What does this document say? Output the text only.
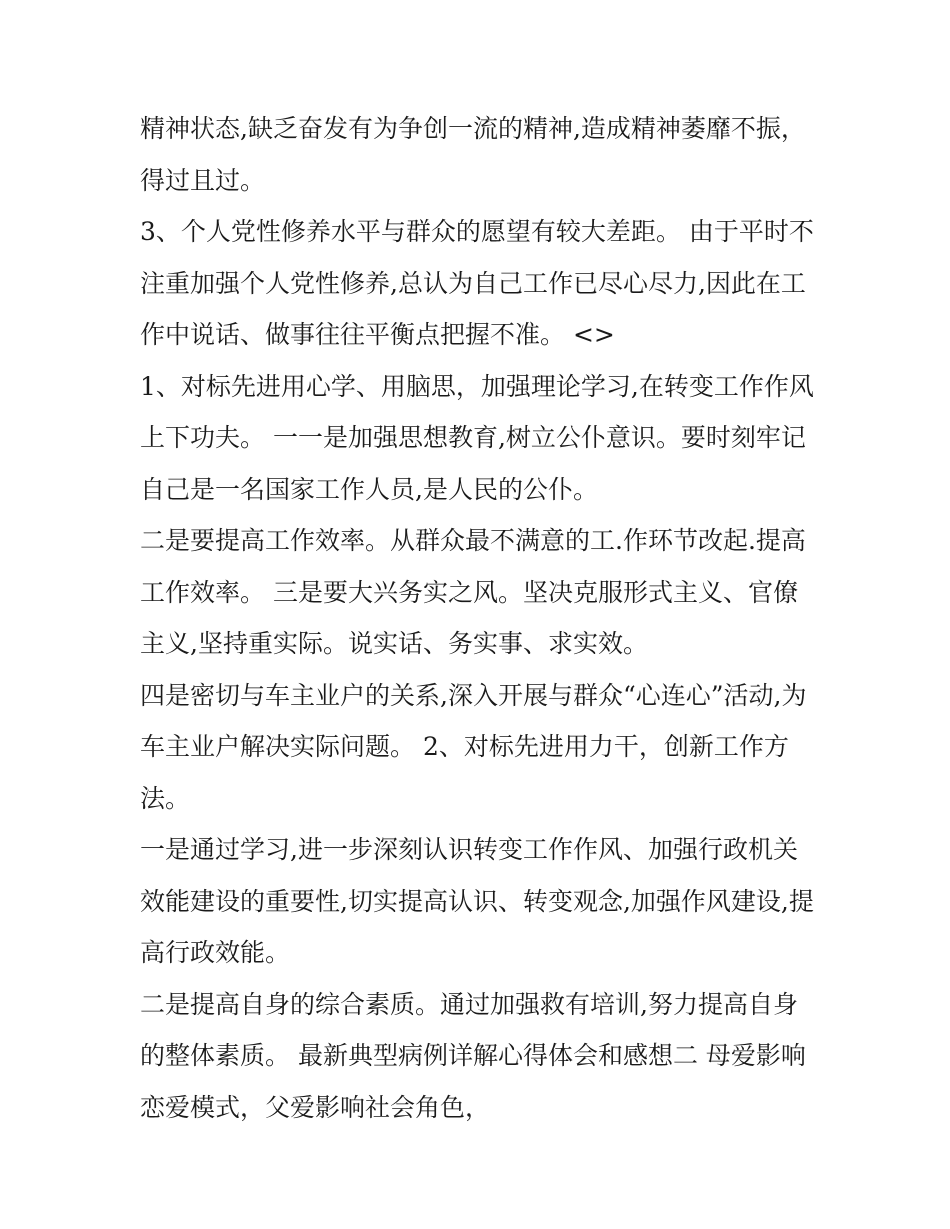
精神状态,缺乏奋发有为争创一流的精神,造成精神萎靡不振，
得过且过。
3、个人党性修养水平与群众的愿望有较大差距。 由于平时不
注重加强个人党性修养,总认为自己工作已尽心尽力,因此在工
作中说话、做事往往平衡点把握不准。 <>
1、对标先进用心学、用脑思，加强理论学习,在转变工作作风
上下功夫。 一一是加强思想教育,树立公仆意识。要时刻牢记
自己是一名国家工作人员,是人民的公仆。
二是要提高工作效率。从群众最不满意的工.作环节改起.提高
工作效率。 三是要大兴务实之风。坚决克服形式主义、官僚
主义,坚持重实际。说实话、务实事、求实效。
四是密切与车主业户的关系,深入开展与群众“心连心”活动,为
车主业户解决实际问题。 2、对标先进用力干，创新工作方
法。
一是通过学习,进一步深刻认识转变工作作风、加强行政机关
效能建设的重要性,切实提高认识、转变观念,加强作风建设,提
高行政效能。
二是提高自身的综合素质。通过加强救有培训,努力提高自身
的整体素质。 最新典型病例详解心得体会和感想二 母爱影响
恋爱模式，父爱影响社会角色，
